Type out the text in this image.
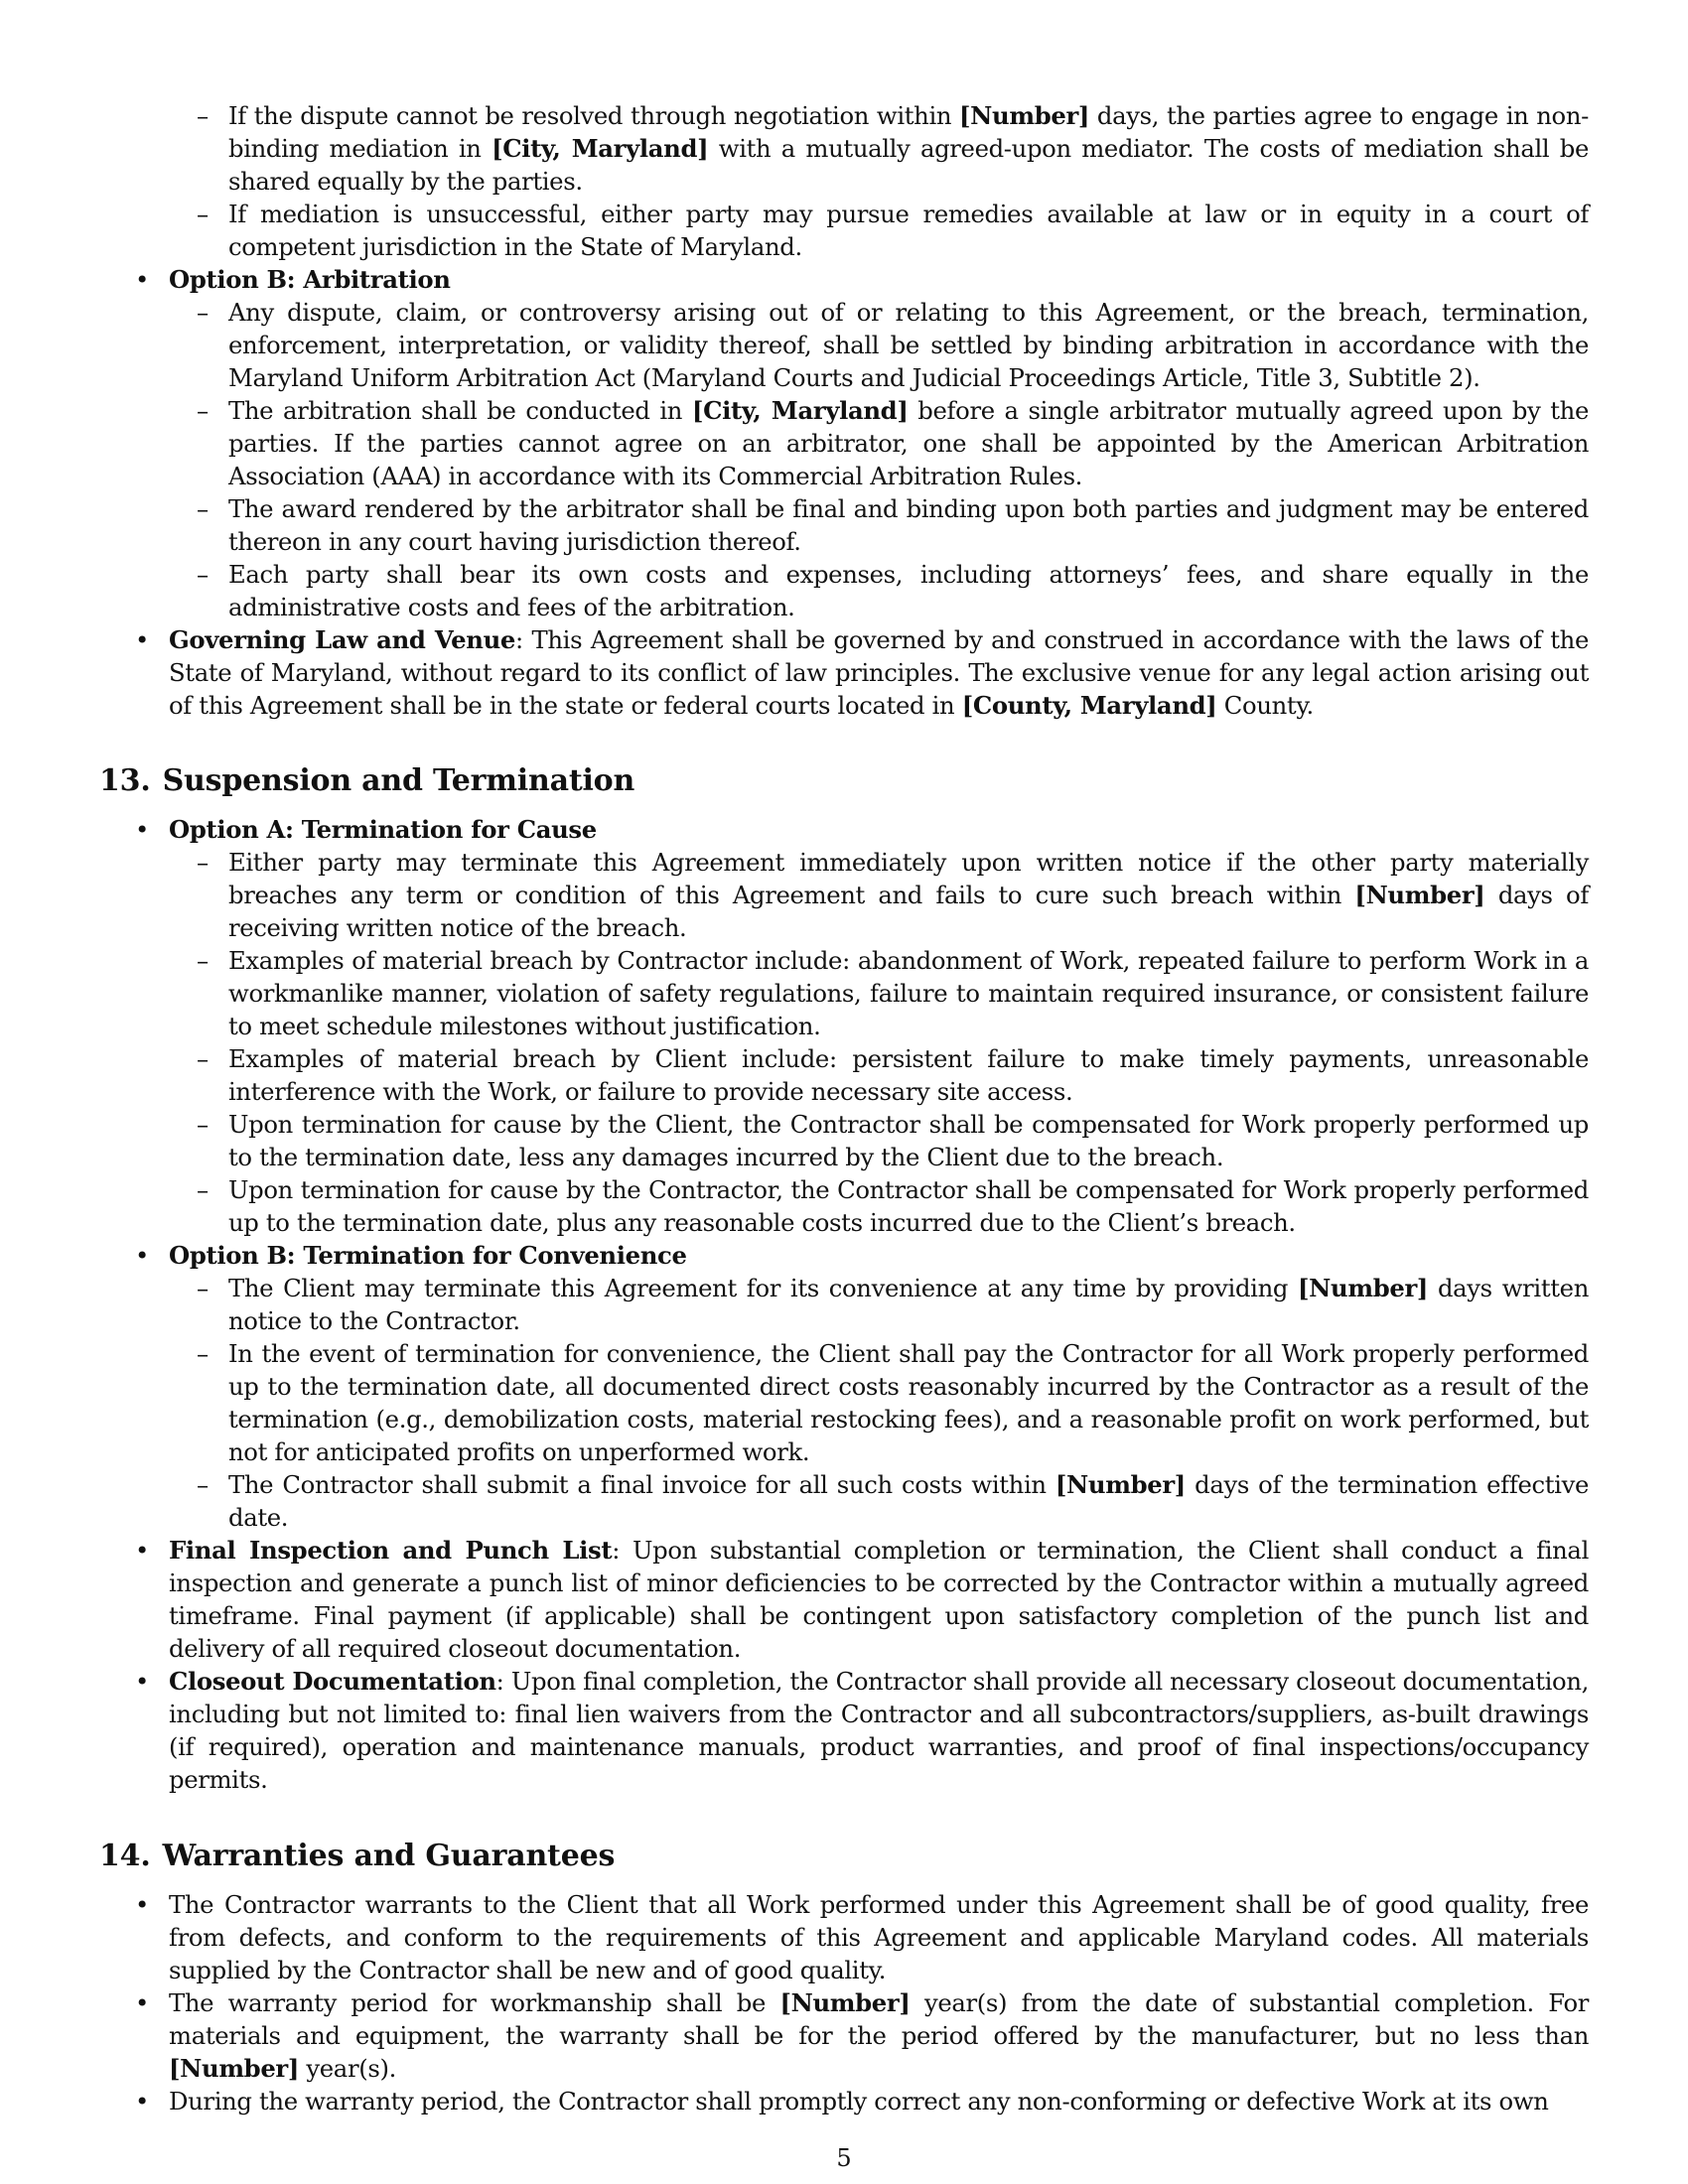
– If the dispute cannot be resolved through negotiation within [Number] days, the parties agree to engage in non-binding mediation in [City, Maryland] with a mutually agreed-upon mediator. The costs of mediation shall be shared equally by the parties.
– If mediation is unsuccessful, either party may pursue remedies available at law or in equity in a court of competent jurisdiction in the State of Maryland.
• Option B: Arbitration
– Any dispute, claim, or controversy arising out of or relating to this Agreement, or the breach, termination, enforcement, interpretation, or validity thereof, shall be settled by binding arbitration in accordance with the Maryland Uniform Arbitration Act (Maryland Courts and Judicial Proceedings Article, Title 3, Subtitle 2).
– The arbitration shall be conducted in [City, Maryland] before a single arbitrator mutually agreed upon by the parties. If the parties cannot agree on an arbitrator, one shall be appointed by the American Arbitration Association (AAA) in accordance with its Commercial Arbitration Rules.
– The award rendered by the arbitrator shall be final and binding upon both parties and judgment may be entered thereon in any court having jurisdiction thereof.
– Each party shall bear its own costs and expenses, including attorneys’ fees, and share equally in the administrative costs and fees of the arbitration.
• Governing Law and Venue: This Agreement shall be governed by and construed in accordance with the laws of the State of Maryland, without regard to its conflict of law principles. The exclusive venue for any legal action arising out of this Agreement shall be in the state or federal courts located in [County, Maryland] County.
13. Suspension and Termination
• Option A: Termination for Cause
– Either party may terminate this Agreement immediately upon written notice if the other party materially breaches any term or condition of this Agreement and fails to cure such breach within [Number] days of receiving written notice of the breach.
– Examples of material breach by Contractor include: abandonment of Work, repeated failure to perform Work in a workmanlike manner, violation of safety regulations, failure to maintain required insurance, or consistent failure to meet schedule milestones without justification.
– Examples of material breach by Client include: persistent failure to make timely payments, unreasonable interference with the Work, or failure to provide necessary site access.
– Upon termination for cause by the Client, the Contractor shall be compensated for Work properly performed up to the termination date, less any damages incurred by the Client due to the breach.
– Upon termination for cause by the Contractor, the Contractor shall be compensated for Work properly performed up to the termination date, plus any reasonable costs incurred due to the Client’s breach.
• Option B: Termination for Convenience
– The Client may terminate this Agreement for its convenience at any time by providing [Number] days written notice to the Contractor.
– In the event of termination for convenience, the Client shall pay the Contractor for all Work properly performed up to the termination date, all documented direct costs reasonably incurred by the Contractor as a result of the termination (e.g., demobilization costs, material restocking fees), and a reasonable profit on work performed, but not for anticipated profits on unperformed work.
– The Contractor shall submit a final invoice for all such costs within [Number] days of the termination effective date.
• Final Inspection and Punch List: Upon substantial completion or termination, the Client shall conduct a final inspection and generate a punch list of minor deficiencies to be corrected by the Contractor within a mutually agreed timeframe. Final payment (if applicable) shall be contingent upon satisfactory completion of the punch list and delivery of all required closeout documentation.
• Closeout Documentation: Upon final completion, the Contractor shall provide all necessary closeout documentation, including but not limited to: final lien waivers from the Contractor and all subcontractors/suppliers, as-built drawings (if required), operation and maintenance manuals, product warranties, and proof of final inspections/occupancy permits.
14. Warranties and Guarantees
• The Contractor warrants to the Client that all Work performed under this Agreement shall be of good quality, free from defects, and conform to the requirements of this Agreement and applicable Maryland codes. All materials supplied by the Contractor shall be new and of good quality.
• The warranty period for workmanship shall be [Number] year(s) from the date of substantial completion. For materials and equipment, the warranty shall be for the period offered by the manufacturer, but no less than [Number] year(s).
• During the warranty period, the Contractor shall promptly correct any non-conforming or defective Work at its own
5
